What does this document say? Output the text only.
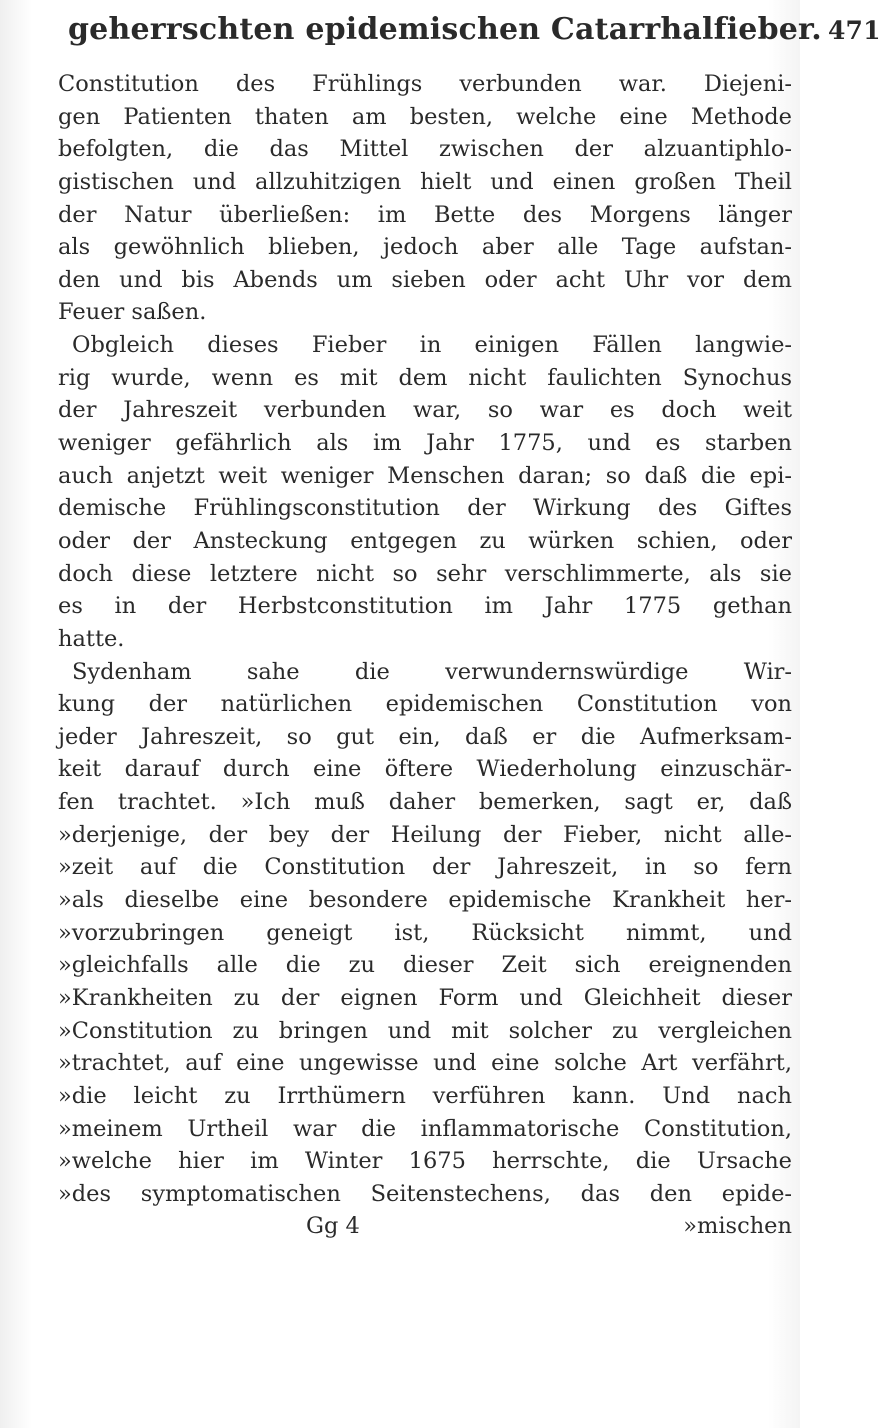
geherrschten epidemischen Catarrhalfieber. 471
Constitution des Frühlings verbunden war. Diejeni-
gen Patienten thaten am besten, welche eine Methode
befolgten, die das Mittel zwischen der alzuantiphlo-
gistischen und allzuhitzigen hielt und einen großen Theil
der Natur überließen: im Bette des Morgens länger
als gewöhnlich blieben, jedoch aber alle Tage aufstan-
den und bis Abends um sieben oder acht Uhr vor dem
Feuer saßen.
Obgleich dieses Fieber in einigen Fällen langwie-
rig wurde, wenn es mit dem nicht faulichten Synochus
der Jahreszeit verbunden war, so war es doch weit
weniger gefährlich als im Jahr 1775, und es starben
auch anjetzt weit weniger Menschen daran; so daß die epi-
demische Frühlingsconstitution der Wirkung des Giftes
oder der Ansteckung entgegen zu würken schien, oder
doch diese letztere nicht so sehr verschlimmerte, als sie
es in der Herbstconstitution im Jahr 1775 gethan
hatte.
Sydenham sahe die verwundernswürdige Wir-
kung der natürlichen epidemischen Constitution von
jeder Jahreszeit, so gut ein, daß er die Aufmerksam-
keit darauf durch eine öftere Wiederholung einzuschär-
fen trachtet. »Ich muß daher bemerken, sagt er, daß
»derjenige, der bey der Heilung der Fieber, nicht alle-
»zeit auf die Constitution der Jahreszeit, in so fern
»als dieselbe eine besondere epidemische Krankheit her-
»vorzubringen geneigt ist, Rücksicht nimmt, und
»gleichfalls alle die zu dieser Zeit sich ereignenden
»Krankheiten zu der eignen Form und Gleichheit dieser
»Constitution zu bringen und mit solcher zu vergleichen
»trachtet, auf eine ungewisse und eine solche Art verfährt,
»die leicht zu Irrthümern verführen kann. Und nach
»meinem Urtheil war die inflammatorische Constitution,
»welche hier im Winter 1675 herrschte, die Ursache
»des symptomatischen Seitenstechens, das den epide-
Gg 4	»mischen
